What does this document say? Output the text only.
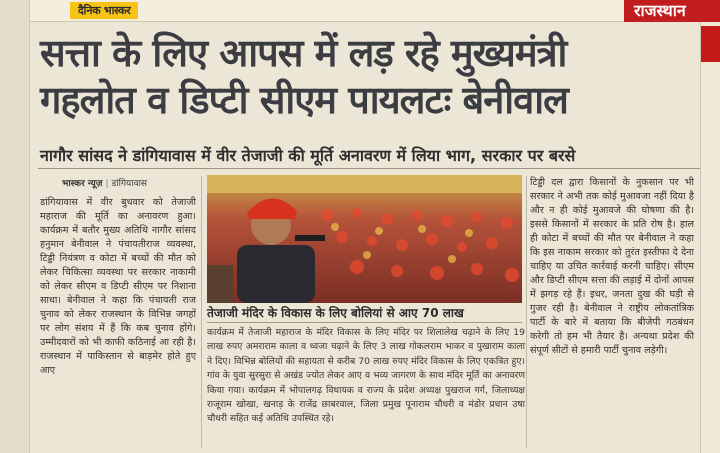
दैनिक भास्कर	राजस्थान
सत्ता के लिए आपस में लड़ रहे मुख्यमंत्री
गहलोत व डिप्टी सीएम पायलटः बेनीवाल
नागौर सांसद ने डांगियावास में वीर तेजाजी की मूर्ति अनावरण में लिया भाग, सरकार पर बरसे
भास्कर न्यूज़ | डांगियावास
डांगियावास में वीर बुधवार को तेजाजी महाराज की मूर्ति का अनावरण हुआ। कार्यक्रम में बतौर मुख्य अतिथि नागौर सांसद हनुमान बेनीवाल ने पंचायतीराज व्यवस्था, टिड्डी नियंत्रण व कोटा में बच्चों की मौत को लेकर चिकित्सा व्यवस्था पर सरकार नाकामी को लेकर सीएम व डिप्टी सीएम पर निशाना साधा। बेनीवाल ने कहा कि पंचायती राज चुनाव को लेकर राजस्थान के विभिन्न जगहों पर लोग संशय में हैं कि कब चुनाव होंगे। उम्मीदवारों को भी काफी कठिनाई आ रही है। राजस्थान में पाकिस्तान से बाड़मेर होते हुए आए
तेजाजी मंदिर के विकास के लिए बोलियां से आए 70 लाख
कार्यक्रम में तेजाजी महाराज के मंदिर विकास के लिए मंदिर पर शिलालेख चढ़ाने के लिए 19 लाख रुपए अमराराम काला व ध्वजा चढ़ाने के लिए 3 लाख गोकलराम भाकर व पुखाराम काला ने दिए। विभिन्न बोलियों की सहायता से करीब 70 लाख रुपए मंदिर विकास के लिए एकत्रित हुए। गांव के युवा सुरसुरा से अखंड ज्योत लेकर आए व भव्य जागरण के साथ मंदिर मूर्ति का अनावरण किया गया। कार्यक्रम में भोपालगढ़ विधायक व राज्य के प्रदेश अध्यक्ष पुखराज गर्ग, जिलाध्यक्ष राजूराम खोखा, खनाड़ के राजेंद्र छाबरवाल, जिला प्रमुख पूनाराम चौधरी व मंडोर प्रधान उषा चौधरी सहित कई अतिथि उपस्थित रहे।
टिड्डी दल द्वारा किसानों के नुकसान पर भी सरकार ने अभी तक कोई मुआवजा नहीं दिया है और न ही कोई मुआवजे की घोषणा की है। इससे किसानों में सरकार के प्रति रोष है। हाल ही कोटा में बच्चों की मौत पर बेनीवाल ने कहा कि इस नाकाम सरकार को तुरंत इस्तीफा दे देना चाहिए या उचित कार्रवाई करनी चाहिए। सीएम और डिप्टी सीएम सत्ता की लड़ाई में दोनों आपस में झगड़ रहे हैं। इधर, जनता दुख की घड़ी से गुजर रही है। बेनीवाल ने राष्ट्रीय लोकतांत्रिक पार्टी के बारे में बताया कि बीजेपी गठबंधन करेगी तो हम भी तैयार है। अन्यथा प्रदेश की संपूर्ण सीटों से हमारी पार्टी चुनाव लड़ेगी।
